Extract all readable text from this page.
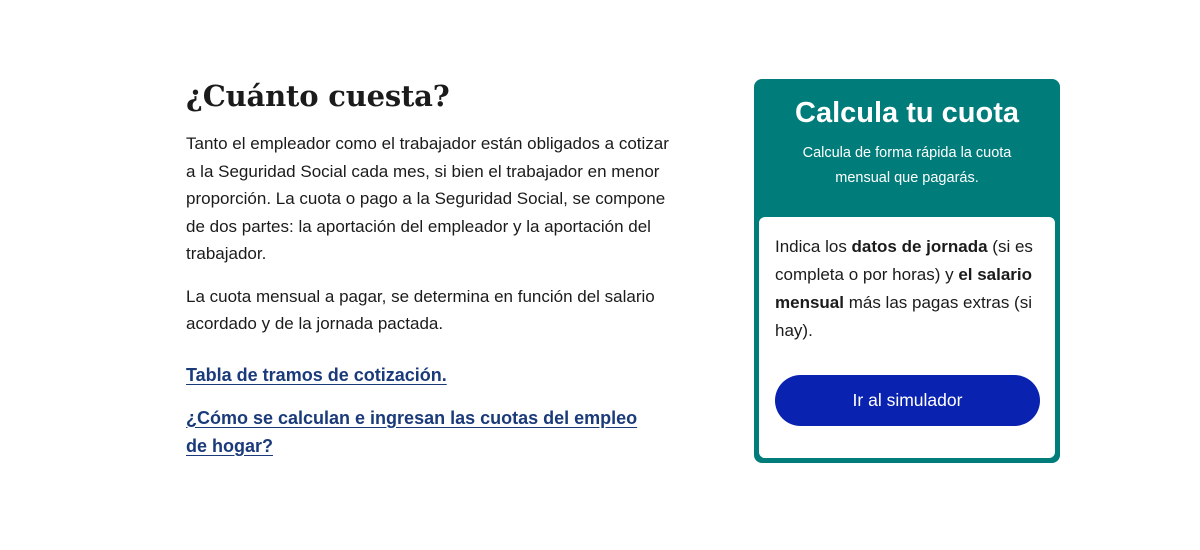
¿Cuánto cuesta?

Tanto el empleador como el trabajador están obligados a cotizar a la Seguridad Social cada mes, si bien el trabajador en menor proporción. La cuota o pago a la Seguridad Social, se compone de dos partes: la aportación del empleador y la aportación del trabajador.

La cuota mensual a pagar, se determina en función del salario acordado y de la jornada pactada.

Tabla de tramos de cotización.
¿Cómo se calculan e ingresan las cuotas del empleo de hogar?
Calcula tu cuota

Calcula de forma rápida la cuota mensual que pagarás.

Indica los datos de jornada (si es completa o por horas) y el salario mensual más las pagas extras (si hay).

Ir al simulador
